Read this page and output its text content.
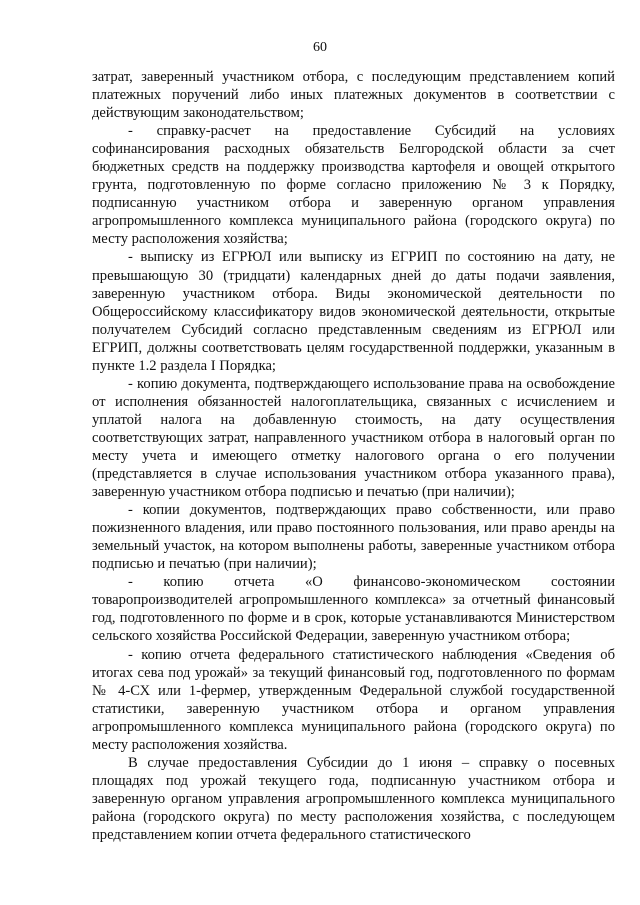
60

затрат, заверенный участником отбора, с последующим представлением копий платежных поручений либо иных платежных документов в соответствии с действующим законодательством;

- справку-расчет на предоставление Субсидий на условиях софинансирования расходных обязательств Белгородской области за счет бюджетных средств на поддержку производства картофеля и овощей открытого грунта, подготовленную по форме согласно приложению № 3 к Порядку, подписанную участником отбора и заверенную органом управления агропромышленного комплекса муниципального района (городского округа) по месту расположения хозяйства;

- выписку из ЕГРЮЛ или выписку из ЕГРИП по состоянию на дату, не превышающую 30 (тридцати) календарных дней до даты подачи заявления, заверенную участником отбора. Виды экономической деятельности по Общероссийскому классификатору видов экономической деятельности, открытые получателем Субсидий согласно представленным сведениям из ЕГРЮЛ или ЕГРИП, должны соответствовать целям государственной поддержки, указанным в пункте 1.2 раздела I Порядка;

- копию документа, подтверждающего использование права на освобождение от исполнения обязанностей налогоплательщика, связанных с исчислением и уплатой налога на добавленную стоимость, на дату осуществления соответствующих затрат, направленного участником отбора в налоговый орган по месту учета и имеющего отметку налогового органа о его получении (представляется в случае использования участником отбора указанного права), заверенную участником отбора подписью и печатью (при наличии);

- копии документов, подтверждающих право собственности, или право пожизненного владения, или право постоянного пользования, или право аренды на земельный участок, на котором выполнены работы, заверенные участником отбора подписью и печатью (при наличии);

- копию отчета «О финансово-экономическом состоянии товаропроизводителей агропромышленного комплекса» за отчетный финансовый год, подготовленного по форме и в срок, которые устанавливаются Министерством сельского хозяйства Российской Федерации, заверенную участником отбора;

- копию отчета федерального статистического наблюдения «Сведения об итогах сева под урожай» за текущий финансовый год, подготовленного по формам № 4-СХ или 1-фермер, утвержденным Федеральной службой государственной статистики, заверенную участником отбора и органом управления агропромышленного комплекса муниципального района (городского округа) по месту расположения хозяйства.

В случае предоставления Субсидии до 1 июня – справку о посевных площадях под урожай текущего года, подписанную участником отбора и заверенную органом управления агропромышленного комплекса муниципального района (городского округа) по месту расположения хозяйства, с последующем представлением копии отчета федерального статистического
